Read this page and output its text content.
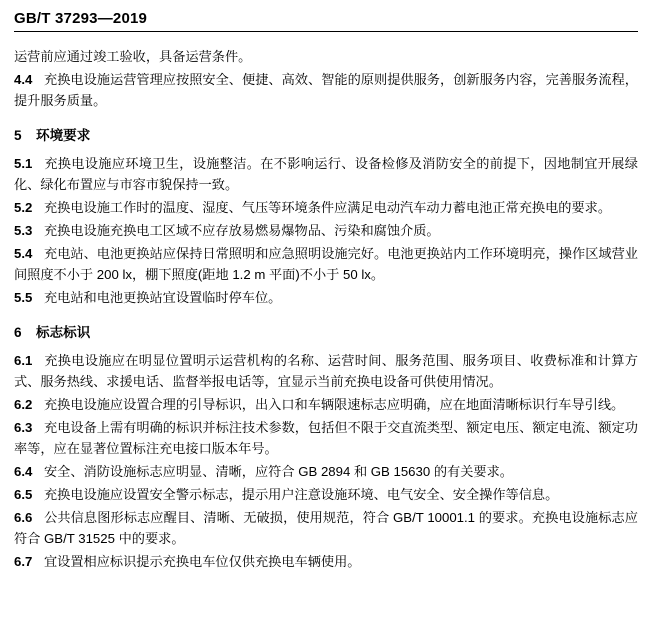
GB/T 37293—2019

运营前应通过竣工验收，具备运营条件。

4.4 充换电设施运营管理应按照安全、便捷、高效、智能的原则提供服务，创新服务内容，完善服务流程，提升服务质量。

5 环境要求

5.1 充换电设施应环境卫生，设施整洁。在不影响运行、设备检修及消防安全的前提下，因地制宜开展绿化、绿化布置应与市容市貌保持一致。

5.2 充换电设施工作时的温度、湿度、气压等环境条件应满足电动汽车动力蓄电池正常充换电的要求。

5.3 充换电设施充换电工区域不应存放易燃易爆物品、污染和腐蚀介质。

5.4 充电站、电池更换站应保持日常照明和应急照明设施完好。电池更换站内工作环境明亮，操作区域营业间照度不小于 200 lx，棚下照度(距地 1.2 m 平面)不小于 50 lx。

5.5 充电站和电池更换站宜设置临时停车位。

6 标志标识

6.1 充换电设施应在明显位置明示运营机构的名称、运营时间、服务范围、服务项目、收费标准和计算方式、服务热线、求援电话、监督举报电话等，宜显示当前充换电设备可供使用情况。

6.2 充换电设施应设置合理的引导标识，出入口和车辆限速标志应明确，应在地面清晰标识行车导引线。

6.3 充电设备上需有明确的标识并标注技术参数，包括但不限于交直流类型、额定电压、额定电流、额定功率等，应在显著位置标注充电接口版本年号。

6.4 安全、消防设施标志应明显、清晰，应符合 GB 2894 和 GB 15630 的有关要求。

6.5 充换电设施应设置安全警示标志，提示用户注意设施环境、电气安全、安全操作等信息。

6.6 公共信息图形标志应醒目、清晰、无破损，使用规范，符合 GB/T 10001.1 的要求。充换电设施标志应符合 GB/T 31525 中的要求。

6.7 宜设置相应标识提示充换电车位仅供充换电车辆使用。
